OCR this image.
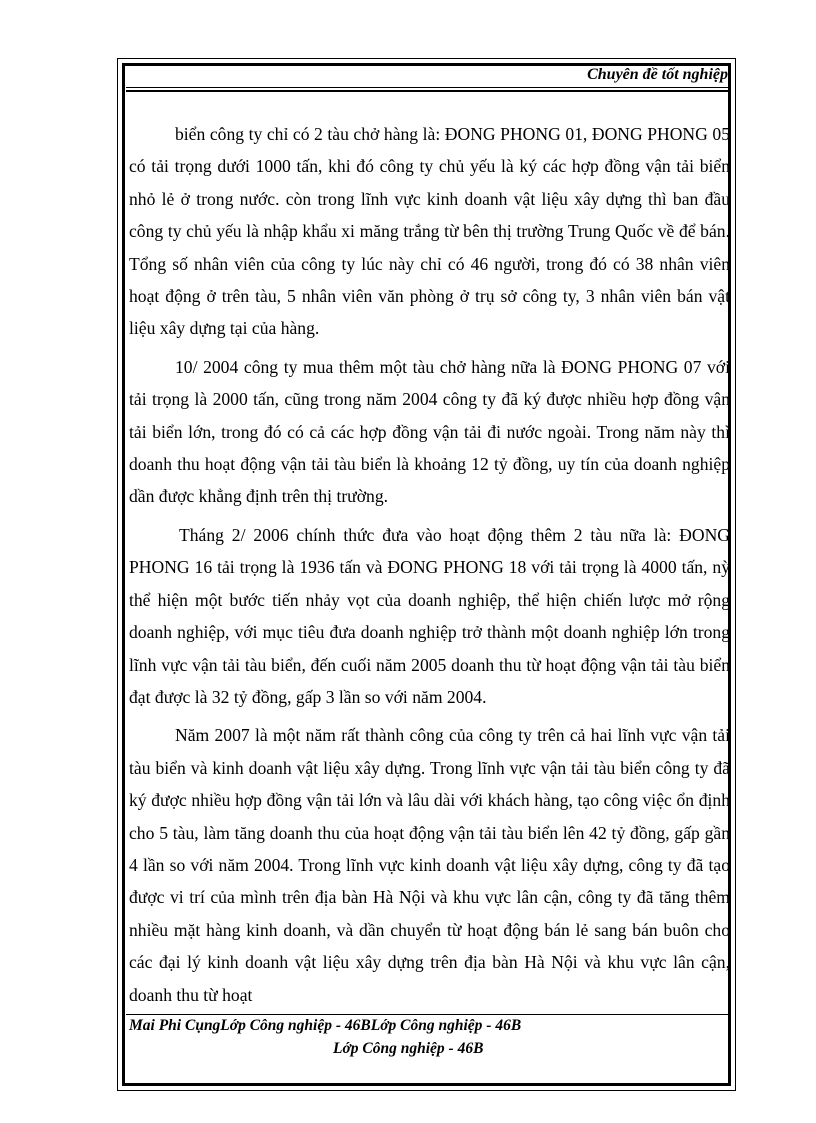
Chuyên đề tốt nghiệp

biển công ty chỉ có 2 tàu chở hàng là: ĐONG PHONG 01, ĐONG PHONG 05 có tải trọng dưới 1000 tấn, khi đó công ty chủ yếu là ký các hợp đồng vận tải biển nhỏ lẻ ở trong nước. còn trong lĩnh vực kinh doanh vật liệu xây dựng thì ban đầu công ty chủ yếu là nhập khẩu xi măng trắng từ bên thị trường Trung Quốc về để bán. Tổng số nhân viên của công ty lúc này chỉ có 46 người, trong đó có 38 nhân viên hoạt động ở trên tàu, 5 nhân viên văn phòng ở trụ sở công ty, 3 nhân viên bán vật liệu xây dựng tại của hàng.

10/ 2004 công ty mua thêm một tàu chở hàng nữa là ĐONG PHONG 07 với tải trọng là 2000 tấn, cũng trong năm 2004 công ty đã ký được nhiều hợp đồng vận tải biển lớn, trong đó có cả các hợp đồng vận tải đi nước ngoài. Trong năm này thì doanh thu hoạt động vận tải tàu biển là khoảng 12 tỷ đồng, uy tín của doanh nghiệp dần được khẳng định trên thị trường.

Tháng 2/ 2006 chính thức đưa vào hoạt động thêm 2 tàu nữa là: ĐONG PHONG 16 tải trọng là 1936 tấn và ĐONG PHONG 18 với tải trọng là 4000 tấn, nỳ thể hiện một bước tiến nhảy vọt của doanh nghiệp, thể hiện chiến lược mở rộng doanh nghiệp, với mục tiêu đưa doanh nghiệp trở thành một doanh nghiệp lớn trong lĩnh vực vận tải tàu biển, đến cuối năm 2005 doanh thu từ hoạt động vận tải tàu biển đạt được là 32 tỷ đồng, gấp 3 lần so với năm 2004.

Năm 2007 là một năm rất thành công của công ty trên cả hai lĩnh vực vận tải tàu biển và kinh doanh vật liệu xây dựng. Trong lĩnh vực vận tải tàu biển công ty đã ký được nhiều hợp đồng vận tải lớn và lâu dài với khách hàng, tạo công việc ổn định cho 5 tàu, làm tăng doanh thu của hoạt động vận tải tàu biển lên 42 tỷ đồng, gấp gần 4 lần so với năm 2004. Trong lĩnh vực kinh doanh vật liệu xây dựng, công ty đã tạo được vi trí của mình trên địa bàn Hà Nội và khu vực lân cận, công ty đã tăng thêm nhiều mặt hàng kinh doanh, và dần chuyển từ hoạt động bán lẻ sang bán buôn cho các đại lý kinh doanh vật liệu xây dựng trên địa bàn Hà Nội và khu vực lân cận, doanh thu từ hoạt

Mai Phi CụngLớp Công nghiệp - 46BLớp Công nghiệp - 46B
Lớp Công nghiệp - 46B
